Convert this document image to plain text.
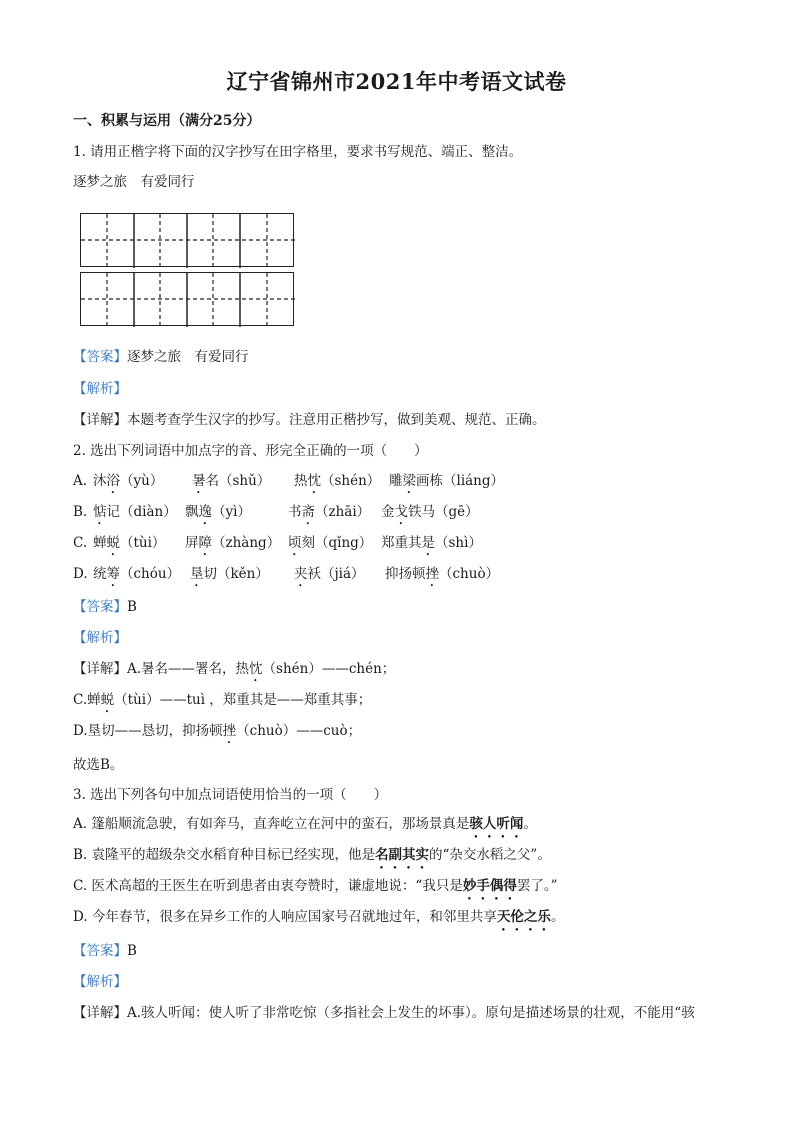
辽宁省锦州市2021年中考语文试卷
一、积累与运用（满分25分）
1. 请用正楷字将下面的汉字抄写在田字格里，要求书写规范、端正、整洁。
逐梦之旅　有爱同行
【答案】逐梦之旅　有爱同行
【解析】
【详解】本题考查学生汉字的抄写。注意用正楷抄写，做到美观、规范、正确。
2. 选出下列词语中加点字的音、形完全正确的一项（　　）
A. 沐浴（yù） 暑名（shǔ） 热忱（shén） 雕梁画栋（liáng）
B. 惦记（diàn） 飘逸（yì）	书斋（zhāi） 金戈铁马（gē）
C. 蝉蜕（tùi） 屏障（zhàng） 顷刻（qǐng） 郑重其是（shì）
D. 统筹（chóu） 垦切（kěn） 夹袄（jiá） 抑扬顿挫（chuò）
【答案】B
【解析】
【详解】A.暑名——署名，热忱（shén）——chén；
C.蝉蜕（tùi）——tuì ，郑重其是——郑重其事；
D.垦切——恳切，抑扬顿挫（chuò）——cuò；
故选B。
3. 选出下列各句中加点词语使用恰当的一项（　　）
A. 篷船顺流急驶，有如奔马，直奔屹立在河中的蛮石，那场景真是骇人听闻。
B. 袁隆平的超级杂交水稻育种目标已经实现，他是名副其实的“杂交水稻之父”。
C. 医术高超的王医生在听到患者由衷夸赞时，谦虚地说：“我只是妙手偶得罢了。”
D. 今年春节，很多在异乡工作的人响应国家号召就地过年，和邻里共享天伦之乐。
【答案】B
【解析】
【详解】A.骇人听闻：使人听了非常吃惊（多指社会上发生的坏事）。原句是描述场景的壮观，不能用“骇
